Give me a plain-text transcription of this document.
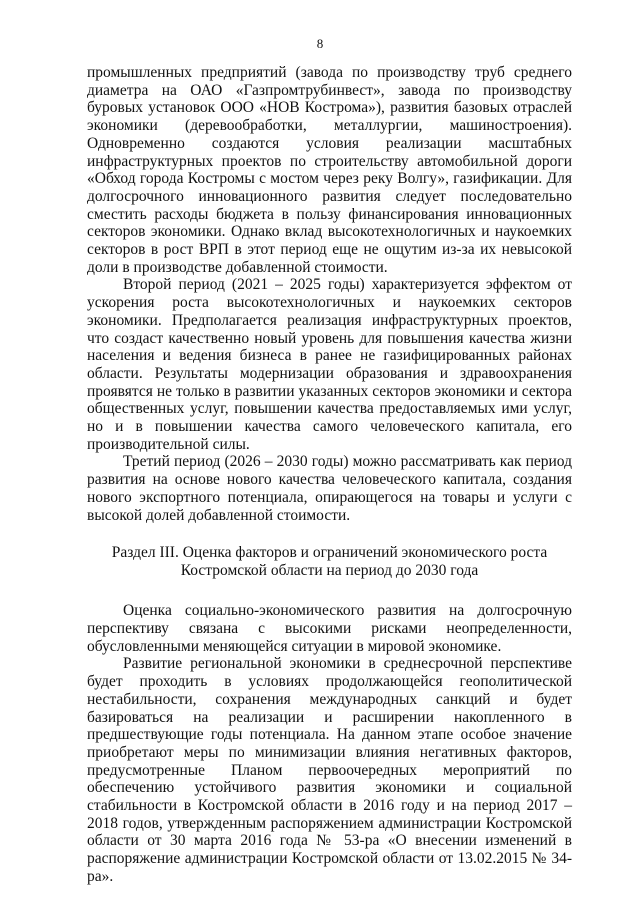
8

промышленных предприятий (завода по производству труб среднего диаметра на ОАО «Газпромтрубинвест», завода по производству буровых установок ООО «НОВ Кострома»), развития базовых отраслей экономики (деревообработки, металлургии, машиностроения). Одновременно создаются условия реализации масштабных инфраструктурных проектов по строительству автомобильной дороги «Обход города Костромы с мостом через реку Волгу», газификации. Для долгосрочного инновационного развития следует последовательно сместить расходы бюджета в пользу финансирования инновационных секторов экономики. Однако вклад высокотехнологичных и наукоемких секторов в рост ВРП в этот период еще не ощутим из-за их невысокой доли в производстве добавленной стоимости.

Второй период (2021 – 2025 годы) характеризуется эффектом от ускорения роста высокотехнологичных и наукоемких секторов экономики. Предполагается реализация инфраструктурных проектов, что создаст качественно новый уровень для повышения качества жизни населения и ведения бизнеса в ранее не газифицированных районах области. Результаты модернизации образования и здравоохранения проявятся не только в развитии указанных секторов экономики и сектора общественных услуг, повышении качества предоставляемых ими услуг, но и в повышении качества самого человеческого капитала, его производительной силы.

Третий период (2026 – 2030 годы) можно рассматривать как период развития на основе нового качества человеческого капитала, создания нового экспортного потенциала, опирающегося на товары и услуги с высокой долей добавленной стоимости.

Раздел III. Оценка факторов и ограничений экономического роста
Костромской области на период до 2030 года

Оценка социально-экономического развития на долгосрочную перспективу связана с высокими рисками неопределенности, обусловленными меняющейся ситуации в мировой экономике.

Развитие региональной экономики в среднесрочной перспективе будет проходить в условиях продолжающейся геополитической нестабильности, сохранения международных санкций и будет базироваться на реализации и расширении накопленного в предшествующие годы потенциала. На данном этапе особое значение приобретают меры по минимизации влияния негативных факторов, предусмотренные Планом первоочередных мероприятий по обеспечению устойчивого развития экономики и социальной стабильности в Костромской области в 2016 году и на период 2017 – 2018 годов, утвержденным распоряжением администрации Костромской области от 30 марта 2016 года № 53-ра «О внесении изменений в распоряжение администрации Костромской области от 13.02.2015 № 34-ра».
